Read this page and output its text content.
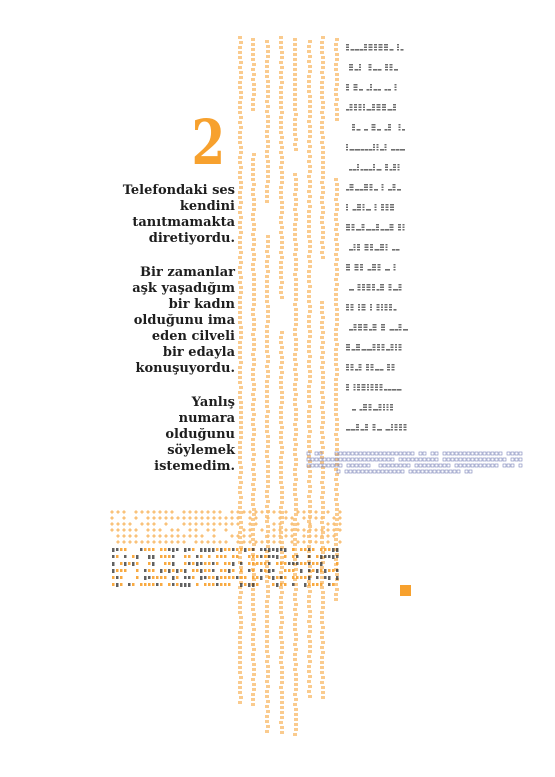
2

Telefondaki ses
kendini
tanıtmamakta
diretiyordu.

Bir zamanlar
aşk yaşadığım
bir kadın
olduğunu ima
eden cilveli
bir edayla
konuşuyordu.

Yanlış
numara
olduğunu
söylemek
istemedim.
